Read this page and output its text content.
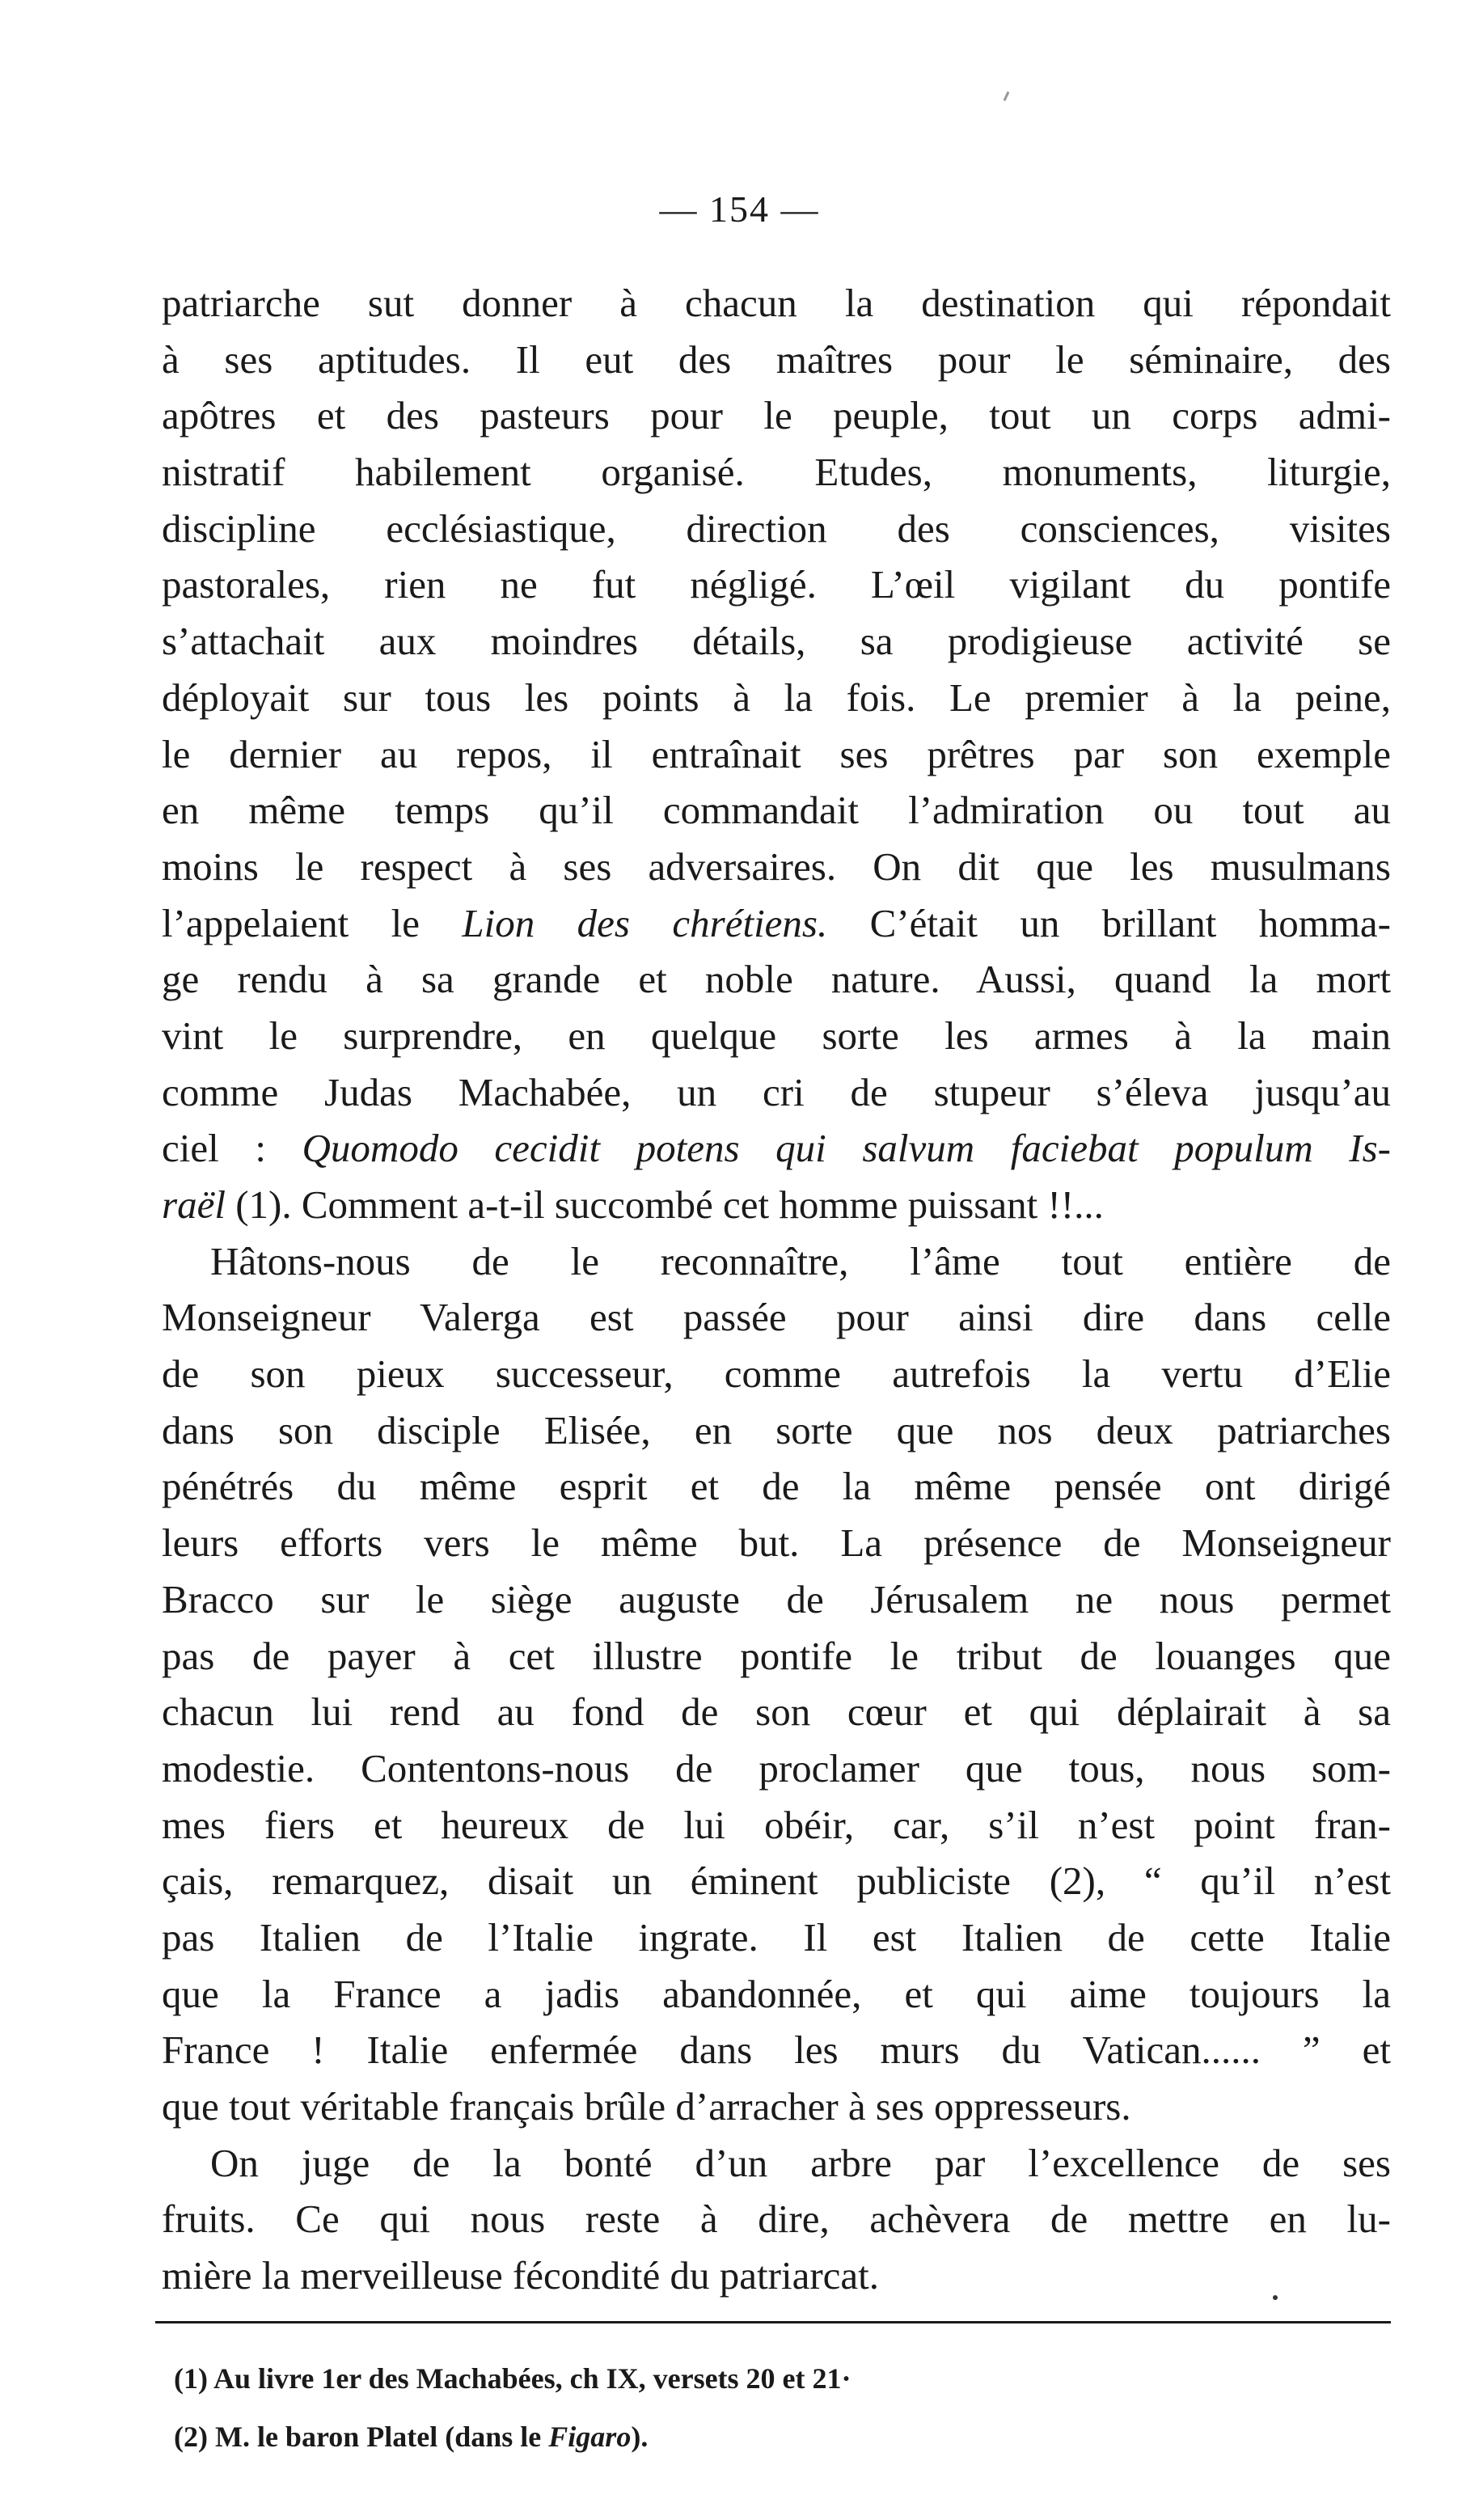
— 154 —
patriarche sut donner à chacun la destination qui répondait
à ses aptitudes. Il eut des maîtres pour le séminaire, des
apôtres et des pasteurs pour le peuple, tout un corps admi-
nistratif habilement organisé. Etudes, monuments, liturgie,
discipline ecclésiastique, direction des consciences, visites
pastorales, rien ne fut négligé. L’œil vigilant du pontife
s’attachait aux moindres détails, sa prodigieuse activité se
déployait sur tous les points à la fois. Le premier à la peine,
le dernier au repos, il entraînait ses prêtres par son exemple
en même temps qu’il commandait l’admiration ou tout au
moins le respect à ses adversaires. On dit que les musulmans
l’appelaient le Lion des chrétiens. C’était un brillant homma-
ge rendu à sa grande et noble nature. Aussi, quand la mort
vint le surprendre, en quelque sorte les armes à la main
comme Judas Machabée, un cri de stupeur s’éleva jusqu’au
ciel : Quomodo cecidit potens qui salvum faciebat populum Is-
raël (1). Comment a-t-il succombé cet homme puissant !!...
Hâtons-nous de le reconnaître, l’âme tout entière de
Monseigneur Valerga est passée pour ainsi dire dans celle
de son pieux successeur, comme autrefois la vertu d’Elie
dans son disciple Elisée, en sorte que nos deux patriarches
pénétrés du même esprit et de la même pensée ont dirigé
leurs efforts vers le même but. La présence de Monseigneur
Bracco sur le siège auguste de Jérusalem ne nous permet
pas de payer à cet illustre pontife le tribut de louanges que
chacun lui rend au fond de son cœur et qui déplairait à sa
modestie. Contentons-nous de proclamer que tous, nous som-
mes fiers et heureux de lui obéir, car, s’il n’est point fran-
çais, remarquez, disait un éminent publiciste (2), “ qu’il n’est
pas Italien de l’Italie ingrate. Il est Italien de cette Italie
que la France a jadis abandonnée, et qui aime toujours la
France ! Italie enfermée dans les murs du Vatican...... ” et
que tout véritable français brûle d’arracher à ses oppresseurs.
On juge de la bonté d’un arbre par l’excellence de ses
fruits. Ce qui nous reste à dire, achèvera de mettre en lu-
mière la merveilleuse fécondité du patriarcat.
(1) Au livre 1er des Machabées, ch IX, versets 20 et 21·
(2) M. le baron Platel (dans le Figaro).
